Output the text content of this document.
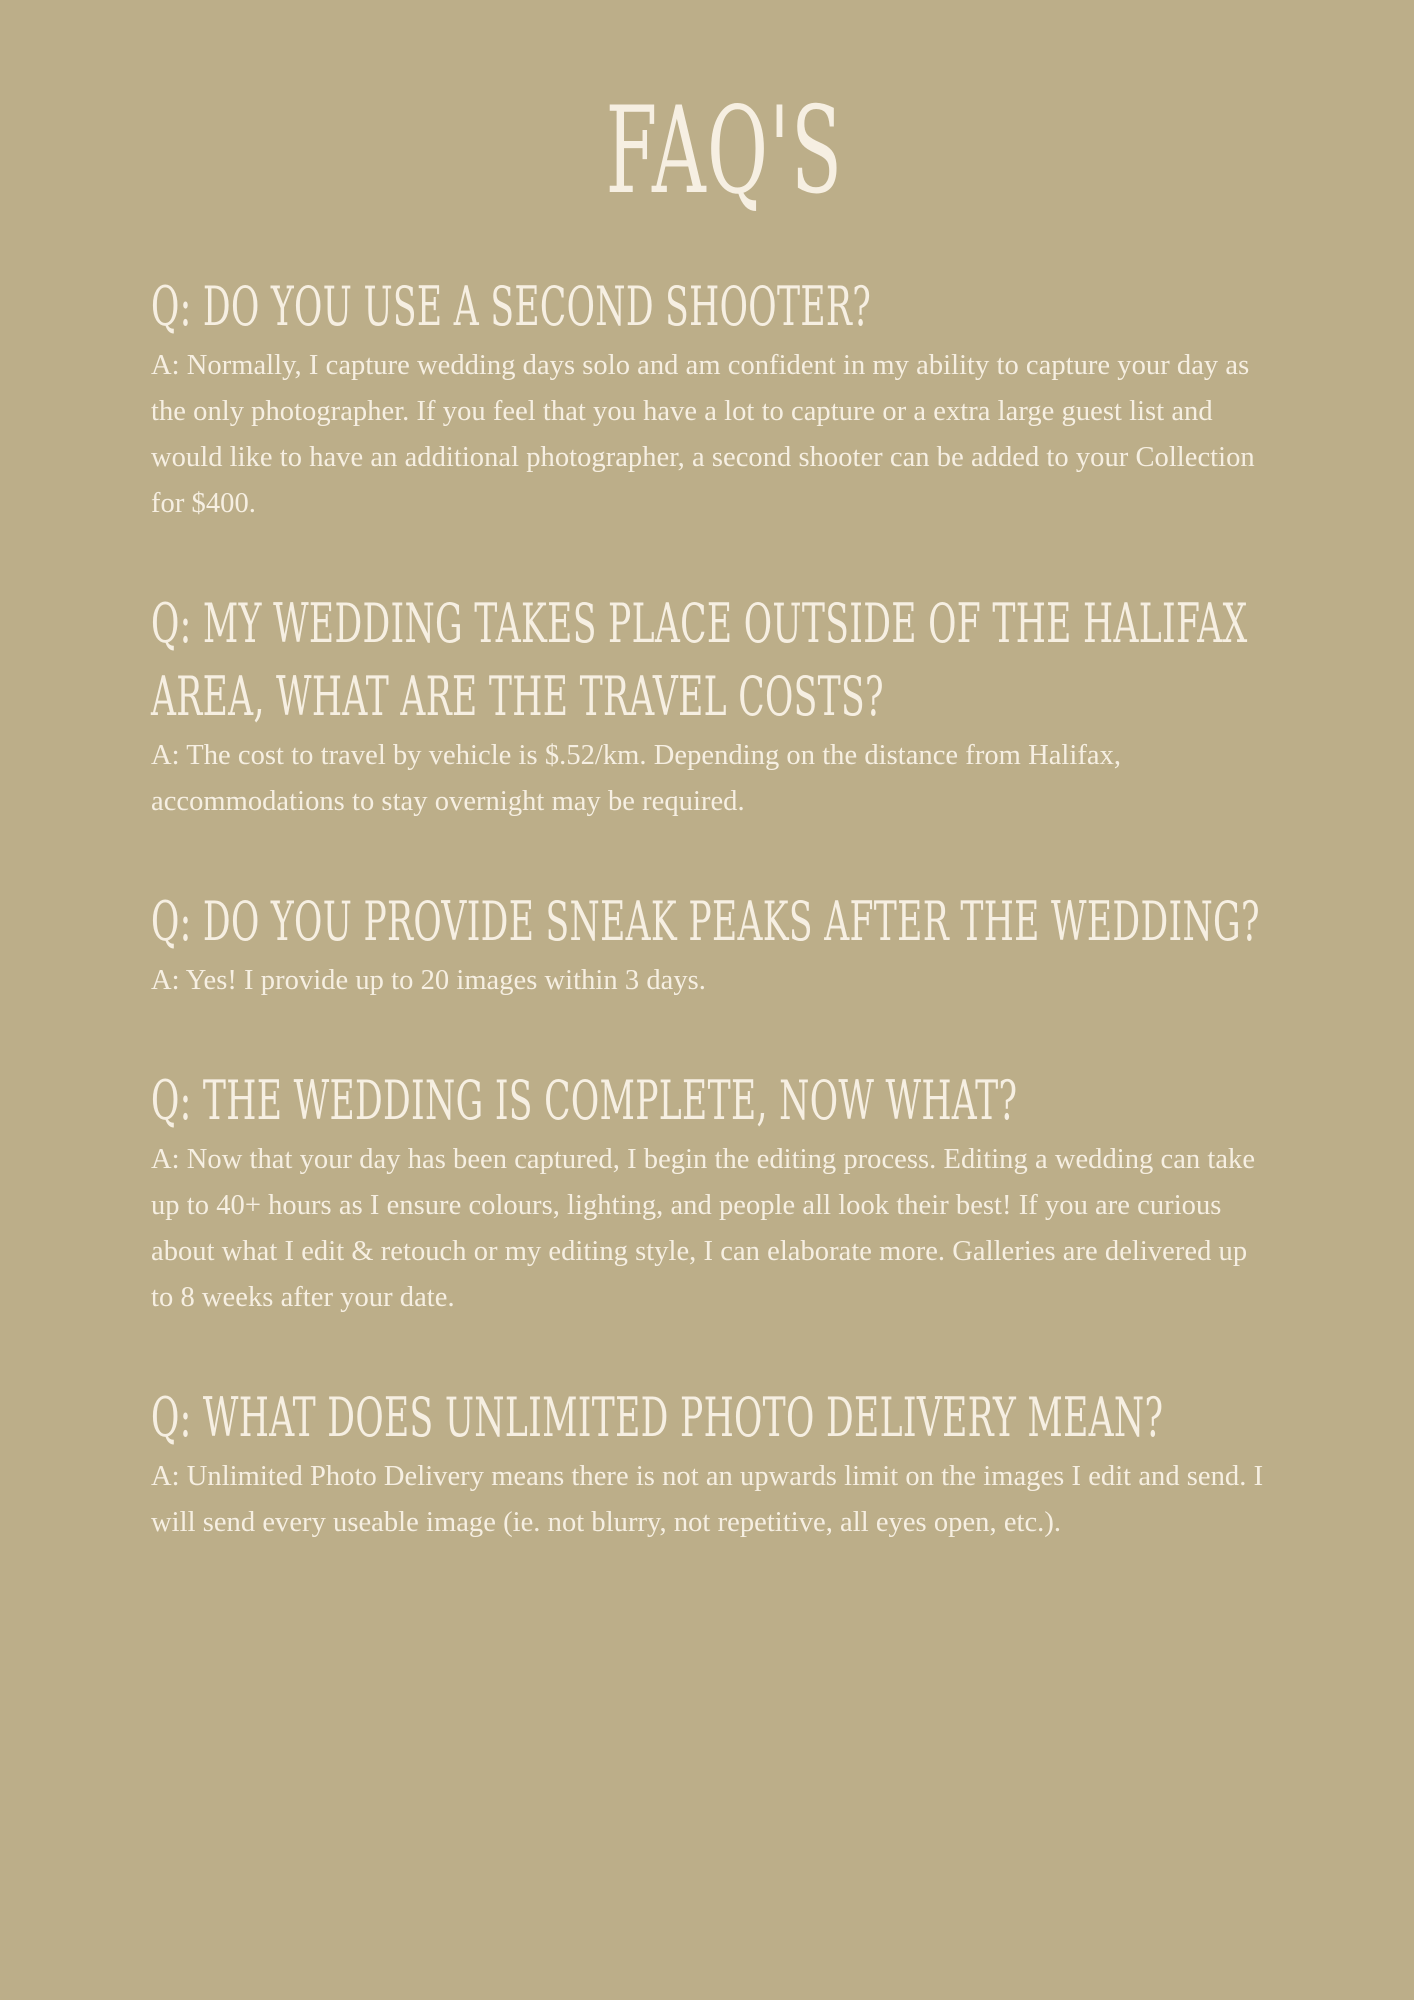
FAQ'S
Q: DO YOU USE A SECOND SHOOTER?

A: Normally, I capture wedding days solo and am confident in my ability to capture your day as the only photographer. If you feel that you have a lot to capture or a extra large guest list and would like to have an additional photographer, a second shooter can be added to your Collection for $400.

Q: MY WEDDING TAKES PLACE OUTSIDE OF THE HALIFAX AREA, WHAT ARE THE TRAVEL COSTS?

A: The cost to travel by vehicle is $.52/km. Depending on the distance from Halifax, accommodations to stay overnight may be required.

Q: DO YOU PROVIDE SNEAK PEAKS AFTER THE WEDDING?

A: Yes! I provide up to 20 images within 3 days.

Q: THE WEDDING IS COMPLETE, NOW WHAT?

A: Now that your day has been captured, I begin the editing process. Editing a wedding can take up to 40+ hours as I ensure colours, lighting, and people all look their best! If you are curious about what I edit & retouch or my editing style, I can elaborate more. Galleries are delivered up to 8 weeks after your date.

Q: WHAT DOES UNLIMITED PHOTO DELIVERY MEAN?

A: Unlimited Photo Delivery means there is not an upwards limit on the images I edit and send. I will send every useable image (ie. not blurry, not repetitive, all eyes open, etc.).
